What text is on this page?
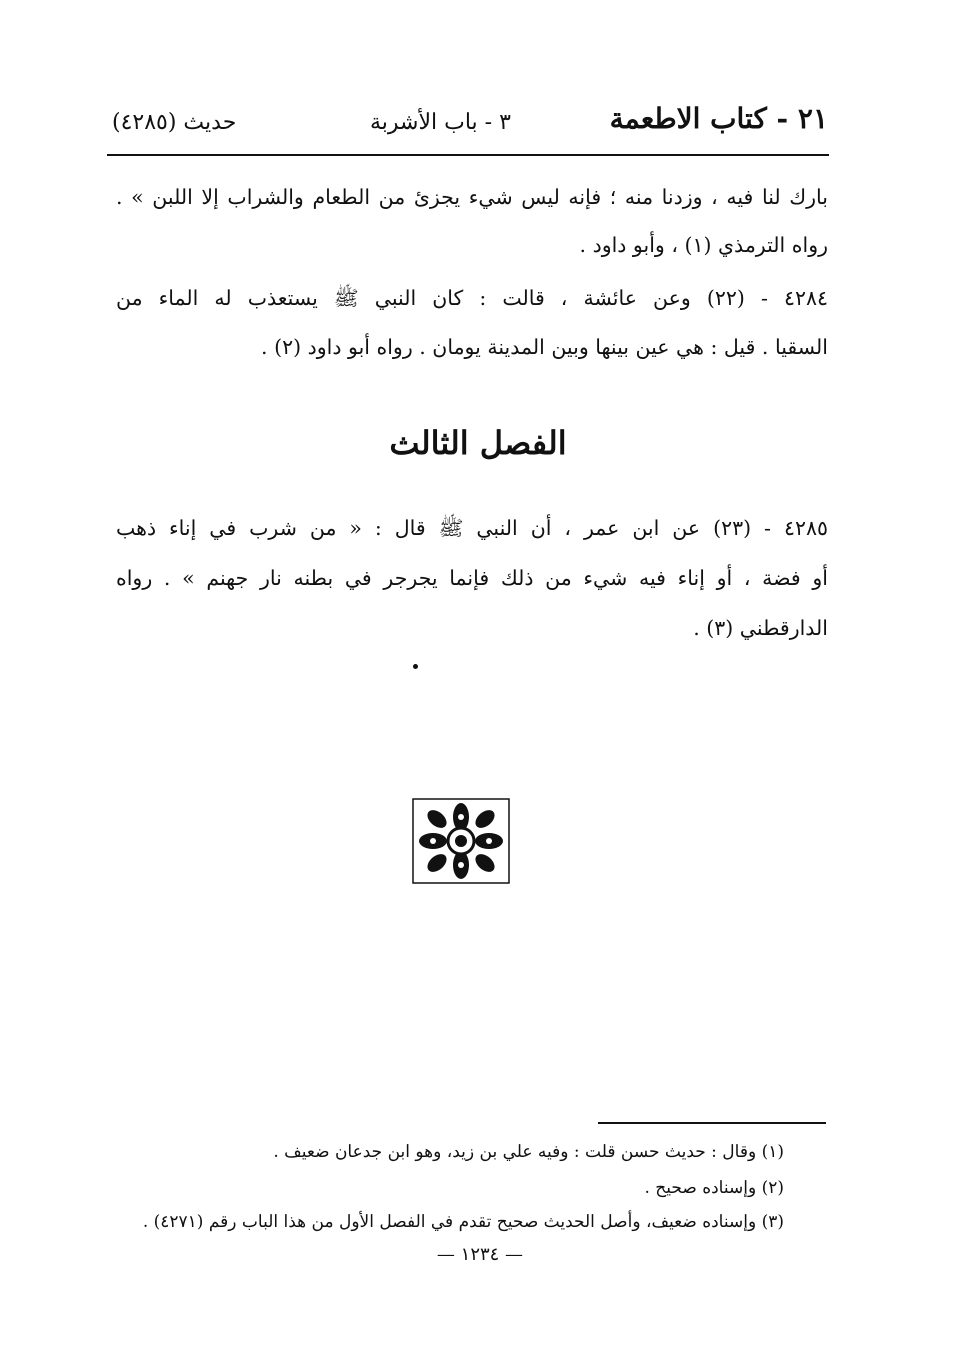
٢١ - كتاب الاطعمة
٣ - باب الأشربة
حديث (٤٢٨٥)
بارك لنا فيه ، وزدنا منه ؛ فإنه ليس شيء يجزئ من الطعام والشراب إلا اللبن » .
رواه الترمذي (١) ، وأبو داود .
٤٢٨٤ - (٢٢) وعن عائشة ، قالت : كان النبي ﷺ يستعذب له الماء من
السقيا . قيل : هي عين بينها وبين المدينة يومان . رواه أبو داود (٢) .
الفصل الثالث
٤٢٨٥ - (٢٣) عن ابن عمر ، أن النبي ﷺ قال : « من شرب في إناء ذهب
أو فضة ، أو إناء فيه شيء من ذلك فإنما يجرجر في بطنه نار جهنم » . رواه
الدارقطني (٣) .
(١) وقال : حديث حسن قلت : وفيه علي بن زيد، وهو ابن جدعان ضعيف .
(٢) وإسناده صحيح .
(٣) وإسناده ضعيف، وأصل الحديث صحيح تقدم في الفصل الأول من هذا الباب رقم (٤٢٧١) .
— ١٢٣٤ —
